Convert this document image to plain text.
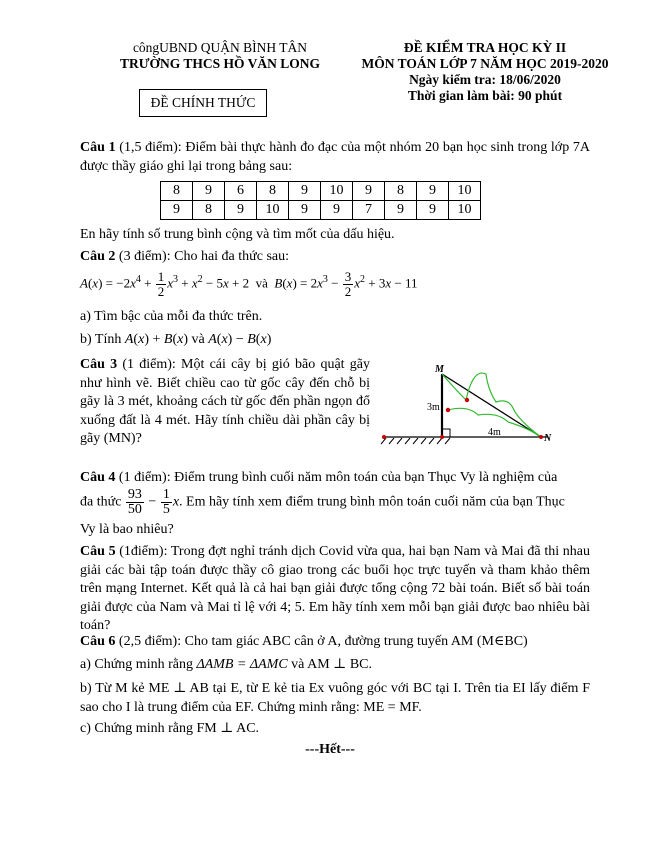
côngUBND QUẬN BÌNH TÂN
TRƯỜNG THCS HỒ VĂN LONG
ĐỀ KIỂM TRA HỌC KỲ II
MÔN TOÁN LỚP 7 NĂM HỌC 2019-2020
Ngày kiểm tra: 18/06/2020
Thời gian làm bài: 90 phút
ĐỀ CHÍNH THỨC
Câu 1 (1,5 điểm): Điểm bài thực hành đo đạc của một nhóm 20 bạn học sinh trong lớp 7A được thầy giáo ghi lại trong bảng sau:
8	9	6	8	9	10	9	8	9	10
9	8	9	10	9	9	7	9	9	10
En hãy tính số trung bình cộng và tìm mốt của dấu hiệu.
Câu 2 (3 điểm): Cho hai đa thức sau:
$A(x) = -2x^4 + \frac{1}{2} x^3 + x^2 - 5x + 2$  và $B(x) = 2x^3 - \frac{3}{2} x^2 + 3x - 11$
a) Tìm bậc của mỗi đa thức trên.
b) Tính A(x) + B(x) và A(x) − B(x)
Câu 3 (1 điểm): Một cái cây bị gió bão quật gãy như hình vẽ. Biết chiều cao từ gốc cây đến chỗ bị gãy là 3 mét, khoảng cách từ gốc đến phần ngọn đổ xuống đất là 4 mét. Hãy tính chiều dài phần cây bị gãy (MN)?
M
N
3m
4m
Câu 4 (1 điểm): Điểm trung bình cuối năm môn toán của bạn Thục Vy là nghiệm của
đa thức $\frac{93}{50} - \frac{1}{5} x$. Em hãy tính xem điểm trung bình môn toán cuối năm của bạn Thục
Vy là bao nhiêu?
Câu 5 (1điểm): Trong đợt nghỉ tránh dịch Covid vừa qua, hai bạn Nam và Mai đã thi nhau giải các bài tập toán được thầy cô giao trong các buổi học trực tuyến và tham khảo thêm trên mạng Internet. Kết quả là cả hai bạn giải được tổng cộng 72 bài toán. Biết số bài toán giải được của Nam và Mai tỉ lệ với 4; 5. Em hãy tính xem mỗi bạn giải được bao nhiêu bài toán?
Câu 6 (2,5 điểm): Cho tam giác ABC cân ở A, đường trung tuyến AM (M∈BC)
a) Chứng minh rằng ΔAMB = ΔAMC và AM ⊥ BC.
b) Từ M kẻ ME ⊥ AB tại E, từ E kẻ tia Ex vuông góc với BC tại I. Trên tia EI lấy điểm F sao cho I là trung điểm của EF. Chứng minh rằng: ME = MF.
c) Chứng minh rằng FM ⊥ AC.
---Hết---
